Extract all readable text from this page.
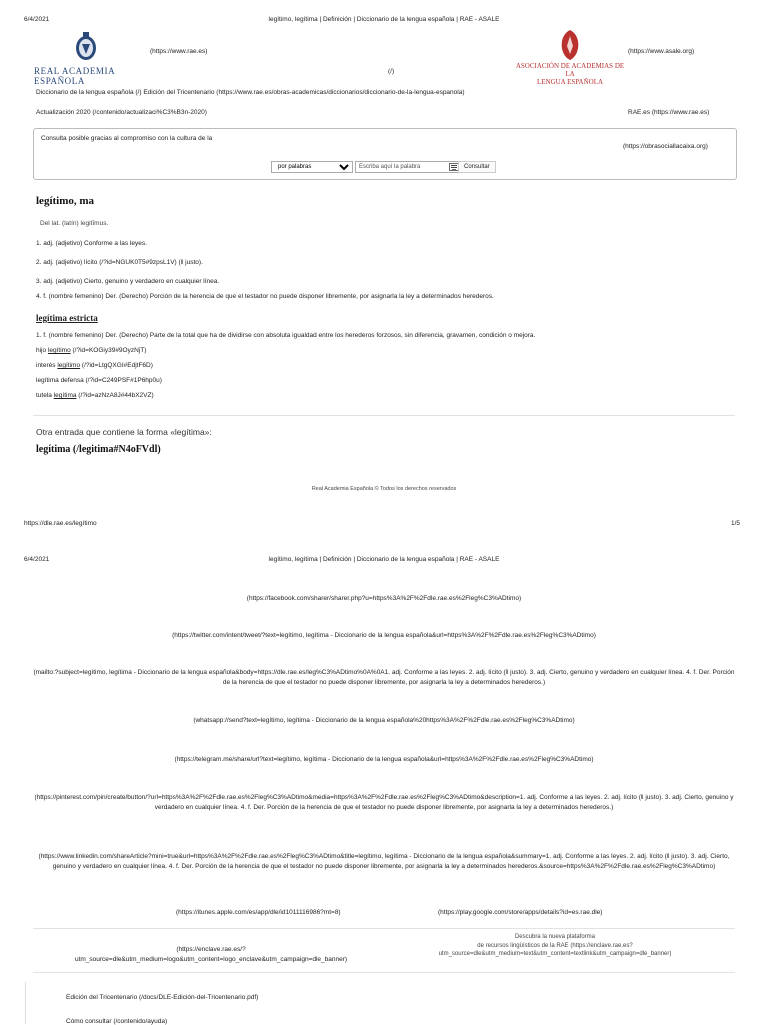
6/4/2021	legítimo, legítima | Definición | Diccionario de la lengua española | RAE - ASALE
REAL ACADEMIA ESPAÑOLA
(https://www.rae.es)
(/)
ASOCIACIÓN DE ACADEMIAS DE LA
LENGUA ESPAÑOLA
(https://www.asale.org)
Diccionario de la lengua española (/) Edición del Tricentenario (https://www.rae.es/obras-academicas/diccionarios/diccionario-de-la-lengua-espanola)
Actualización 2020 (/contenido/actualizaci%C3%B3n-2020)	RAE.es (https://www.rae.es)
Consulta posible gracias al compromiso con la cultura de la
(https://obrasociallacaixa.org)
por palabras
Escriba aquí la palabra	Consultar
legítimo, ma
Del lat. (latín) legitĭmus.
1. adj. (adjetivo) Conforme a las leyes.
2. adj. (adjetivo) lícito (/?id=NGUK0T5#9zpsL1V) (‖ justo).
3. adj. (adjetivo) Cierto, genuino y verdadero en cualquier línea.
4. f. (nombre femenino) Der. (Derecho) Porción de la herencia de que el testador no puede disponer libremente, por asignarla la ley a determinados herederos.
legítima estricta
1. f. (nombre femenino) Der. (Derecho) Parte de la total que ha de dividirse con absoluta igualdad entre los herederos forzosos, sin diferencia, gravamen, condición o mejora.
hijo legítimo (/?id=KOGiy39#9OyzNjT)
interés legítimo (/?id=LtgQXGI#EdjtF6D)
legítima defensa (/?id=C249PSF#1P6hp0u)
tutela legítima (/?id=azNzA8J#44bX2VZ)
Otra entrada que contiene la forma «legítima»:
legítima (/legitima#N4oFVdl)
Real Academia Española © Todos los derechos reservados
https://dle.rae.es/legítimo	1/5
6/4/2021	legítimo, legítima | Definición | Diccionario de la lengua española | RAE - ASALE
(https://facebook.com/sharer/sharer.php?u=https%3A%2F%2Fdle.rae.es%2Fleg%C3%ADtimo)
(https://twitter.com/intent/tweet/?text=legítimo, legítima - Diccionario de la lengua española&url=https%3A%2F%2Fdle.rae.es%2Fleg%C3%ADtimo)
(mailto:?subject=legítimo, legítima - Diccionario de la lengua española&body=https://dle.rae.es/leg%C3%ADtimo%0A%0A1. adj. Conforme a las leyes. 2. adj. lícito (‖ justo). 3. adj. Cierto, genuino y verdadero en cualquier línea. 4. f. Der. Porción de la herencia de que el testador no puede disponer libremente, por asignarla la ley a determinados herederos.)
(whatsapp://send?text=legítimo, legítima - Diccionario de la lengua española%20https%3A%2F%2Fdle.rae.es%2Fleg%C3%ADtimo)
(https://telegram.me/share/url?text=legítimo, legítima - Diccionario de la lengua española&url=https%3A%2F%2Fdle.rae.es%2Fleg%C3%ADtimo)
(https://pinterest.com/pin/create/button/?url=https%3A%2F%2Fdle.rae.es%2Fleg%C3%ADtimo&media=https%3A%2F%2Fdle.rae.es%2Fleg%C3%ADtimo&description=1. adj. Conforme a las leyes. 2. adj. lícito (‖ justo). 3. adj. Cierto, genuino y verdadero en cualquier línea. 4. f. Der. Porción de la herencia de que el testador no puede disponer libremente, por asignarla la ley a determinados herederos.)
(https://www.linkedin.com/shareArticle?mini=true&url=https%3A%2F%2Fdle.rae.es%2Fleg%C3%ADtimo&title=legítimo, legítima - Diccionario de la lengua española&summary=1. adj. Conforme a las leyes. 2. adj. lícito (‖ justo). 3. adj. Cierto, genuino y verdadero en cualquier línea. 4. f. Der. Porción de la herencia de que el testador no puede disponer libremente, por asignarla la ley a determinados herederos.&source=https%3A%2F%2Fdle.rae.es%2Fleg%C3%ADtimo)
(https://itunes.apple.com/es/app/dle/id1011116986?mt=8)	(https://play.google.com/store/apps/details?id=es.rae.dle)
(https://enclave.rae.es/?
utm_source=dle&utm_medium=logo&utm_content=logo_enclave&utm_campaign=dle_banner)
Descubra la nueva plataforma
de recursos lingüísticos de la RAE (https://enclave.rae.es?
utm_source=dle&utm_medium=text&utm_content=textlink&utm_campaign=dle_banner)
Edición del Tricentenario (/docs/DLE-Edición-del-Tricentenario.pdf)
Cómo consultar (/contenido/ayuda)
